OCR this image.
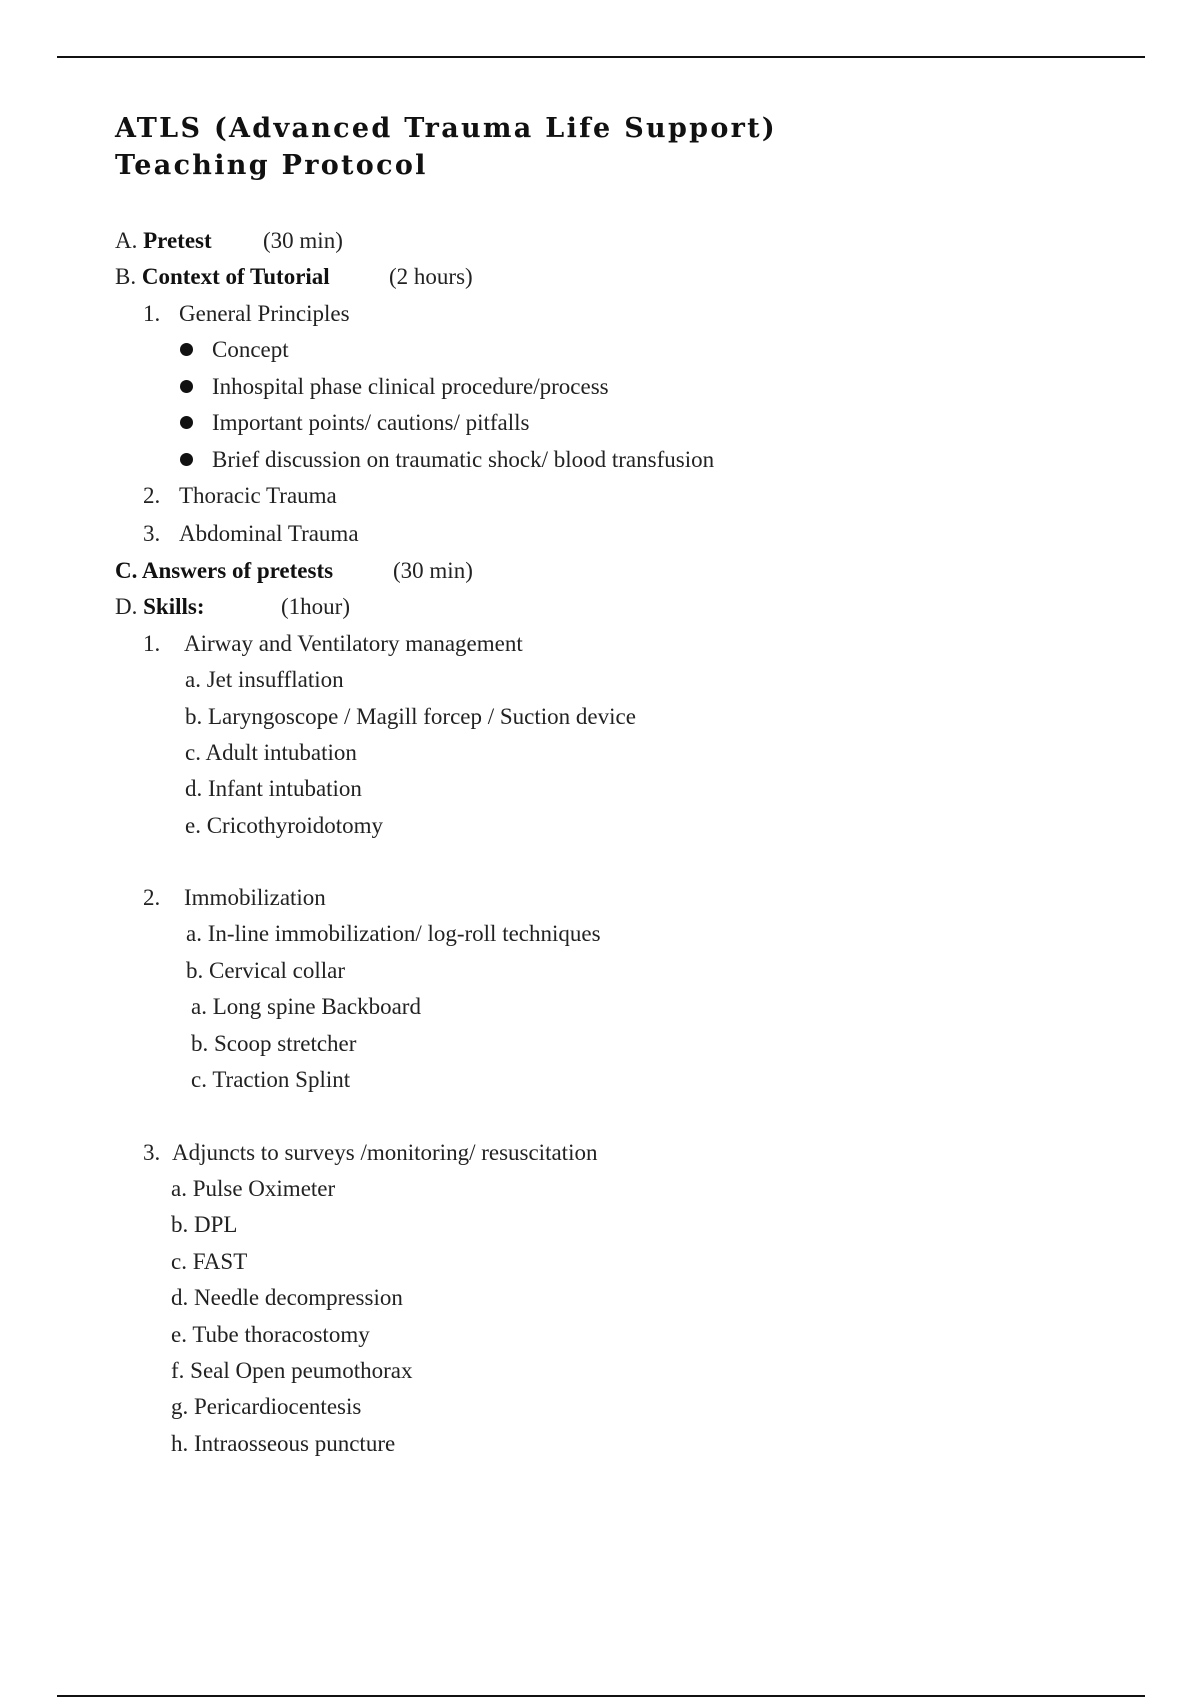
ATLS (Advanced Trauma Life Support)
Teaching Protocol
A. Pretest (30 min)
B. Context of Tutorial	(2 hours)
1. General Principles
Concept
Inhospital phase clinical procedure/process
Important points/ cautions/ pitfalls
Brief discussion on traumatic shock/ blood transfusion
2. Thoracic Trauma
3. Abdominal Trauma
C. Answers of pretests	(30 min)
D. Skills:	(1hour)
1. Airway and Ventilatory management
a. Jet insufflation
b. Laryngoscope / Magill forcep / Suction device
c. Adult intubation
d. Infant intubation
e. Cricothyroidotomy
2. Immobilization
a. In-line immobilization/ log-roll techniques
b. Cervical collar
a. Long spine Backboard
b. Scoop stretcher
c. Traction Splint
3. Adjuncts to surveys /monitoring/ resuscitation
a. Pulse Oximeter
b. DPL
c. FAST
d. Needle decompression
e. Tube thoracostomy
f. Seal Open peumothorax
g. Pericardiocentesis
h. Intraosseous puncture
